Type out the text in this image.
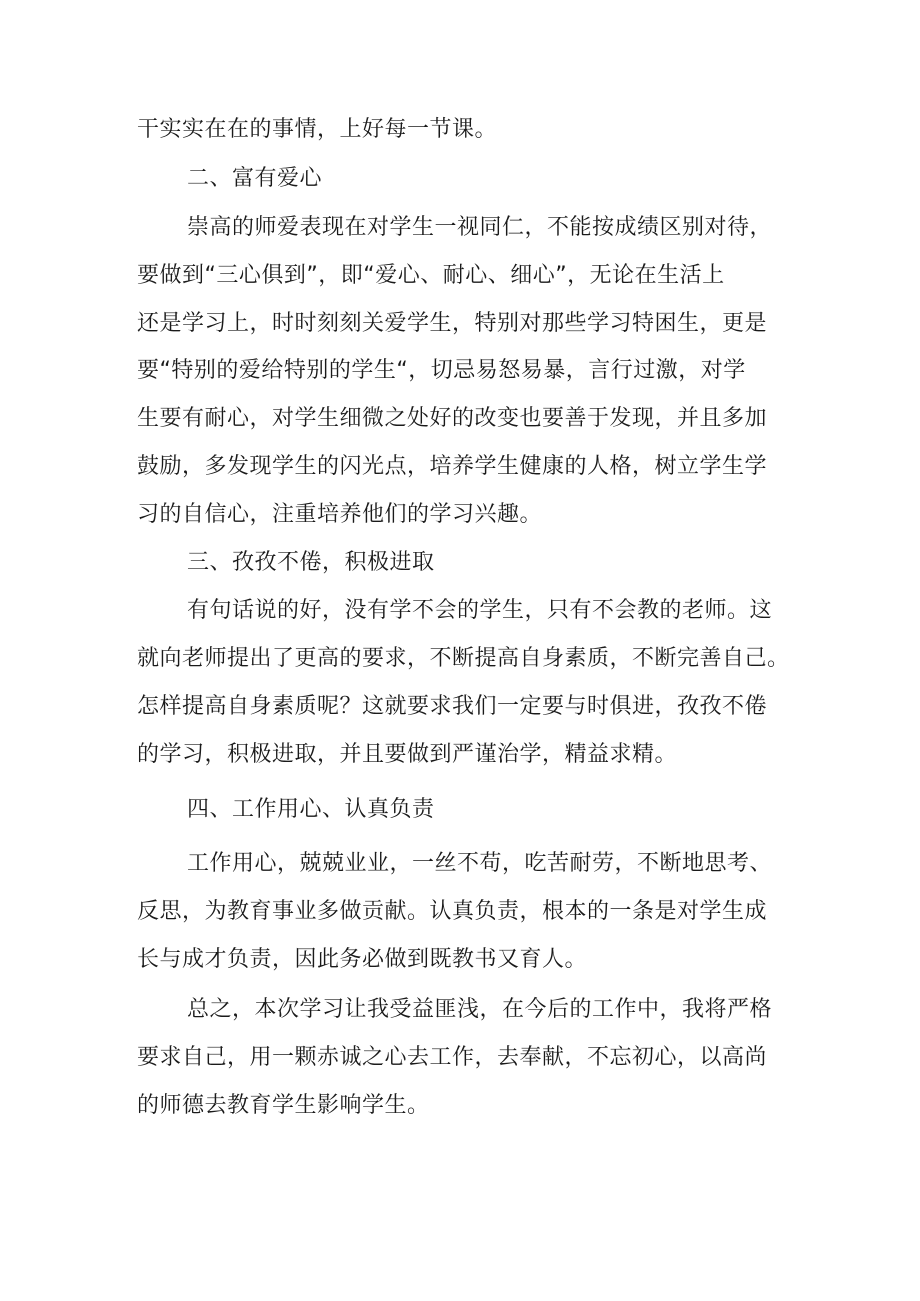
干实实在在的事情，上好每一节课。

二、富有爱心

崇高的师爱表现在对学生一视同仁，不能按成绩区别对待，

要做到“三心俱到”，即“爱心、耐心、细心”，无论在生活上

还是学习上，时时刻刻关爱学生，特别对那些学习特困生，更是

要“特别的爱给特别的学生“，切忌易怒易暴，言行过激，对学

生要有耐心，对学生细微之处好的改变也要善于发现，并且多加

鼓励，多发现学生的闪光点，培养学生健康的人格，树立学生学

习的自信心，注重培养他们的学习兴趣。

三、孜孜不倦，积极进取

有句话说的好，没有学不会的学生，只有不会教的老师。这

就向老师提出了更高的要求，不断提高自身素质，不断完善自己。

怎样提高自身素质呢？这就要求我们一定要与时俱进，孜孜不倦

的学习，积极进取，并且要做到严谨治学，精益求精。

四、工作用心、认真负责

工作用心，兢兢业业，一丝不苟，吃苦耐劳，不断地思考、

反思，为教育事业多做贡献。认真负责，根本的一条是对学生成

长与成才负责，因此务必做到既教书又育人。

总之，本次学习让我受益匪浅，在今后的工作中，我将严格

要求自己，用一颗赤诚之心去工作，去奉献，不忘初心，以高尚

的师德去教育学生影响学生。
